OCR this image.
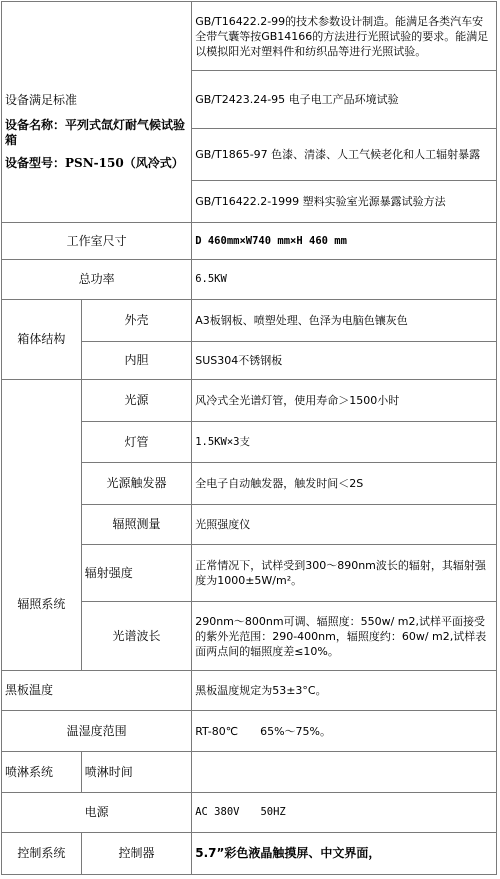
设备满足标准
设备名称：平列式氙灯耐气候试验箱
设备型号：PSN-150（风冷式）		GB/T16422.2-99的技术参数设计制造。能满足各类汽车安全带气囊等按GB14166的方法进行光照试验的要求。能满足以模拟阳光对塑料件和纺织品等进行光照试验。
		GB/T2423.24-95 电子电工产品环境试验
		GB/T1865-97 色漆、清漆、人工气候老化和人工辐射暴露
		GB/T16422.2-1999 塑料实验室光源暴露试验方法
工作室尺寸		D 460mm×W740 mm×H 460 mm
总功率		6.5KW
箱体结构	外壳	A3板钢板、喷塑处理、色泽为电脑色镶灰色
	内胆	SUS304不锈钢板
辐照系统	光源	风冷式全光谱灯管，使用寿命＞1500小时
	灯管	1.5KW×3支
	光源触发器	全电子自动触发器，触发时间＜2S
	辐照测量	光照强度仪
	辐射强度	正常情况下，试样受到300～890nm波长的辐射，其辐射强度为1000±5W/m²。
	光谱波长	290nm～800nm可调、辐照度：550w/ m2,试样平面接受的紫外光范围：290-400nm，辐照度约：60w/ m2,试样表面两点间的辐照度差≤10%。
黑板温度		黑板温度规定为53±3°C。
温湿度范围		RT-80℃　　65%～75%。
喷淋系统	喷淋时间	
电源		AC 380V　　50HZ
控制系统	控制器	5.7”彩色液晶触摸屏、中文界面，
